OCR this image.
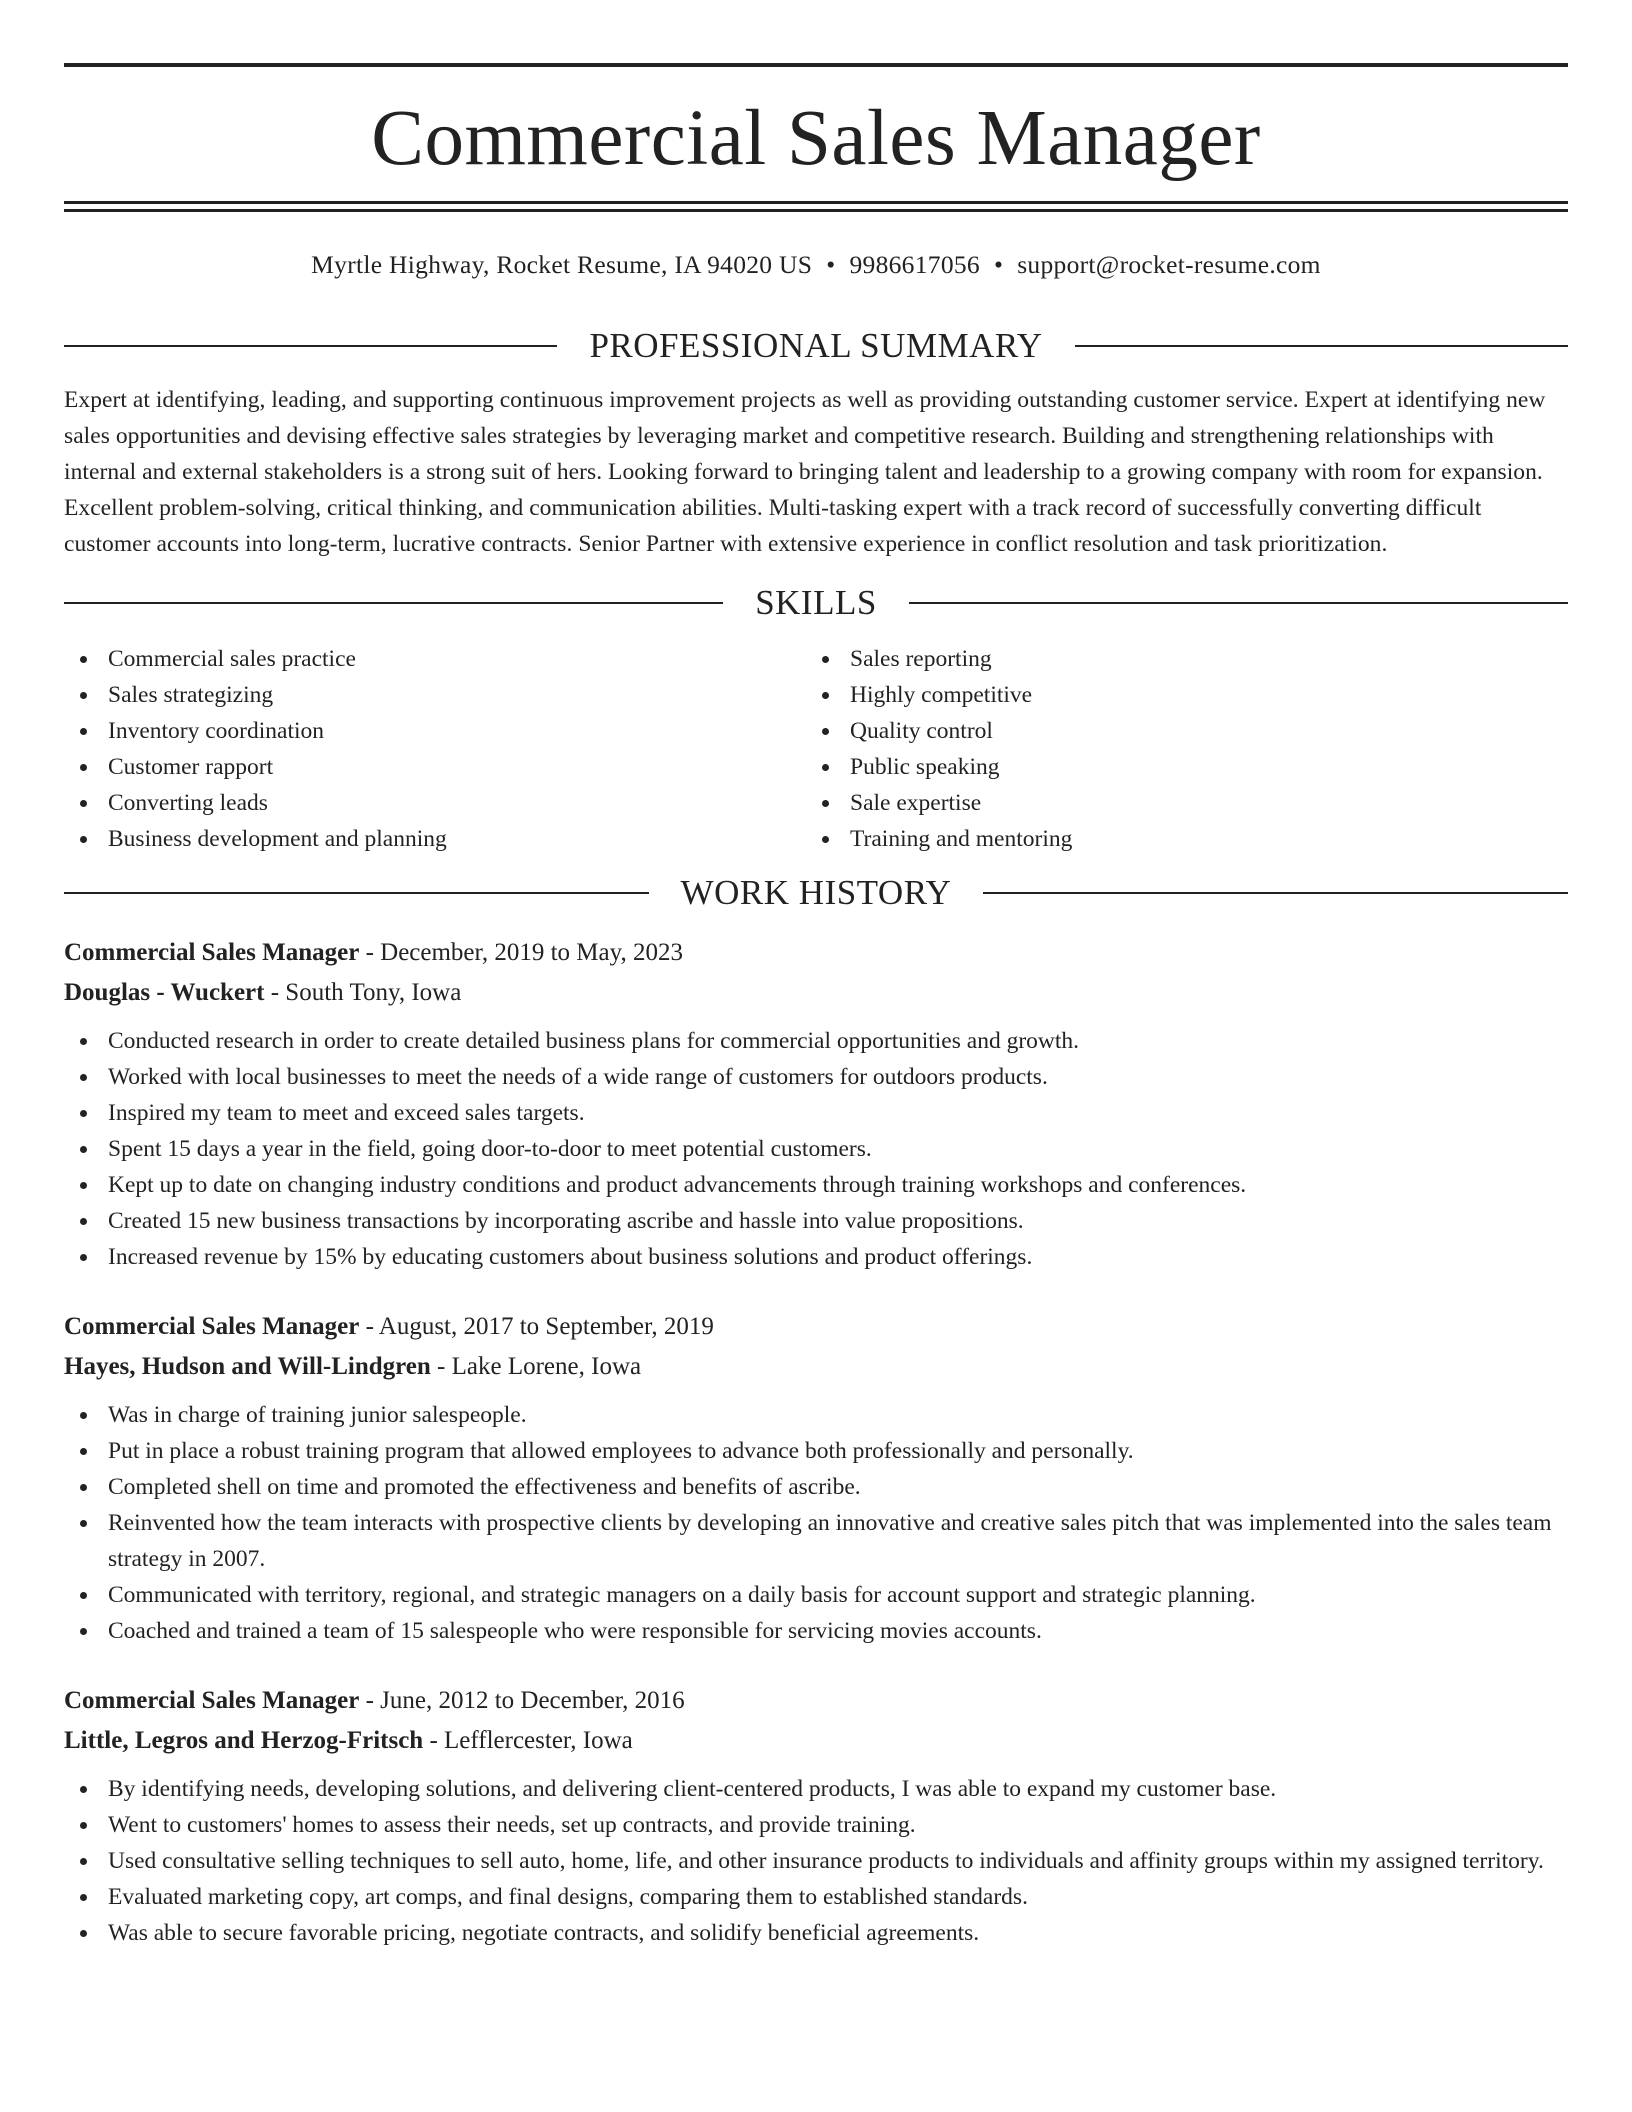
Commercial Sales Manager
Myrtle Highway, Rocket Resume, IA 94020 US • 9986617056 • support@rocket-resume.com
PROFESSIONAL SUMMARY
Expert at identifying, leading, and supporting continuous improvement projects as well as providing outstanding customer service. Expert at identifying new sales opportunities and devising effective sales strategies by leveraging market and competitive research. Building and strengthening relationships with internal and external stakeholders is a strong suit of hers. Looking forward to bringing talent and leadership to a growing company with room for expansion. Excellent problem-solving, critical thinking, and communication abilities. Multi-tasking expert with a track record of successfully converting difficult customer accounts into long-term, lucrative contracts. Senior Partner with extensive experience in conflict resolution and task prioritization.
SKILLS
Commercial sales practice
Sales strategizing
Inventory coordination
Customer rapport
Converting leads
Business development and planning
Sales reporting
Highly competitive
Quality control
Public speaking
Sale expertise
Training and mentoring
WORK HISTORY
Commercial Sales Manager - December, 2019 to May, 2023
Douglas - Wuckert - South Tony, Iowa
Conducted research in order to create detailed business plans for commercial opportunities and growth.
Worked with local businesses to meet the needs of a wide range of customers for outdoors products.
Inspired my team to meet and exceed sales targets.
Spent 15 days a year in the field, going door-to-door to meet potential customers.
Kept up to date on changing industry conditions and product advancements through training workshops and conferences.
Created 15 new business transactions by incorporating ascribe and hassle into value propositions.
Increased revenue by 15% by educating customers about business solutions and product offerings.
Commercial Sales Manager - August, 2017 to September, 2019
Hayes, Hudson and Will-Lindgren - Lake Lorene, Iowa
Was in charge of training junior salespeople.
Put in place a robust training program that allowed employees to advance both professionally and personally.
Completed shell on time and promoted the effectiveness and benefits of ascribe.
Reinvented how the team interacts with prospective clients by developing an innovative and creative sales pitch that was implemented into the sales team strategy in 2007.
Communicated with territory, regional, and strategic managers on a daily basis for account support and strategic planning.
Coached and trained a team of 15 salespeople who were responsible for servicing movies accounts.
Commercial Sales Manager - June, 2012 to December, 2016
Little, Legros and Herzog-Fritsch - Lefflercester, Iowa
By identifying needs, developing solutions, and delivering client-centered products, I was able to expand my customer base.
Went to customers' homes to assess their needs, set up contracts, and provide training.
Used consultative selling techniques to sell auto, home, life, and other insurance products to individuals and affinity groups within my assigned territory.
Evaluated marketing copy, art comps, and final designs, comparing them to established standards.
Was able to secure favorable pricing, negotiate contracts, and solidify beneficial agreements.
